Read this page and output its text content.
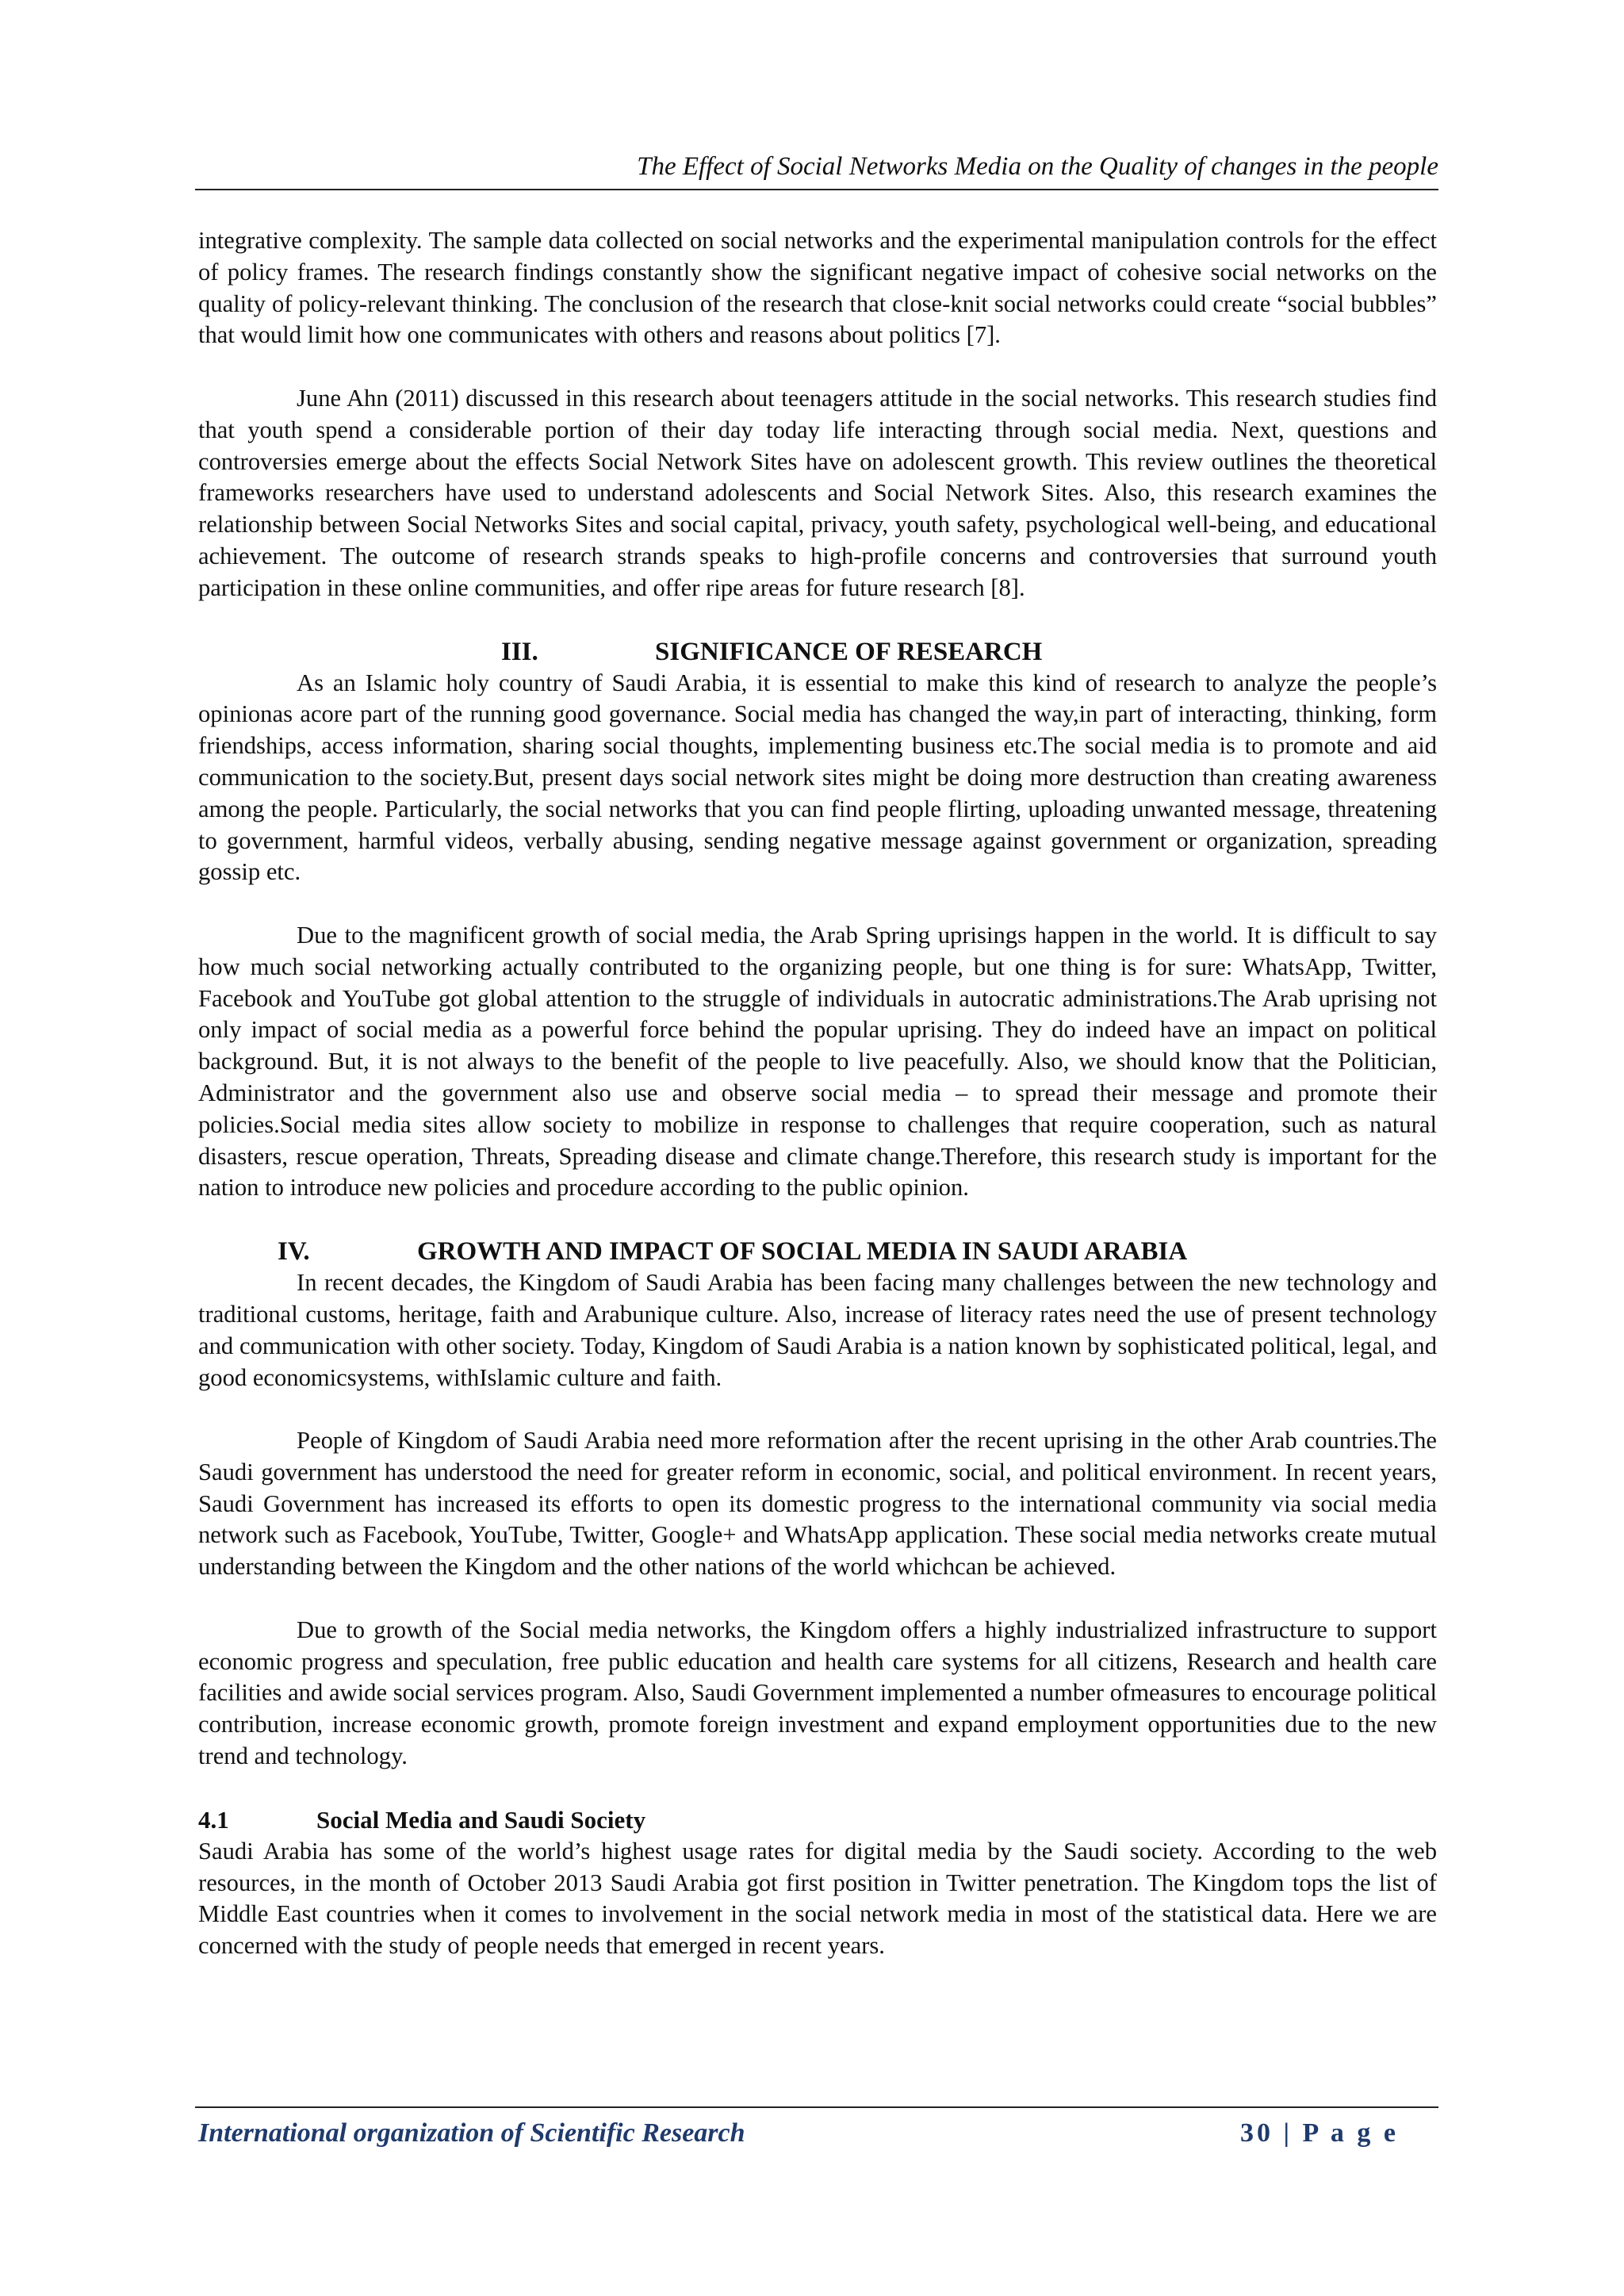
The Effect of Social Networks Media on the Quality of changes in the people

integrative complexity. The sample data collected on social networks and the experimental manipulation controls for the effect of policy frames. The research findings constantly show the significant negative impact of cohesive social networks on the quality of policy-relevant thinking. The conclusion of the research that close-knit social networks could create “social bubbles” that would limit how one communicates with others and reasons about politics [7].

June Ahn (2011) discussed in this research about teenagers attitude in the social networks. This research studies find that youth spend a considerable portion of their day today life interacting through social media. Next, questions and controversies emerge about the effects Social Network Sites have on adolescent growth. This review outlines the theoretical frameworks researchers have used to understand adolescents and Social Network Sites. Also, this research examines the relationship between Social Networks Sites and social capital, privacy, youth safety, psychological well-being, and educational achievement. The outcome of research strands speaks to high-profile concerns and controversies that surround youth participation in these online communities, and offer ripe areas for future research [8].

III.	SIGNIFICANCE OF RESEARCH

As an Islamic holy country of Saudi Arabia, it is essential to make this kind of research to analyze the people’s opinionas acore part of the running good governance. Social media has changed the way,in part of interacting, thinking, form friendships, access information, sharing social thoughts, implementing business etc.The social media is to promote and aid communication to the society.But, present days social network sites might be doing more destruction than creating awareness among the people. Particularly, the social networks that you can find people flirting, uploading unwanted message, threatening to government, harmful videos, verbally abusing, sending negative message against government or organization, spreading gossip etc.

Due to the magnificent growth of social media, the Arab Spring uprisings happen in the world. It is difficult to say how much social networking actually contributed to the organizing people, but one thing is for sure: WhatsApp, Twitter, Facebook and YouTube got global attention to the struggle of individuals in autocratic administrations.The Arab uprising not only impact of social media as a powerful force behind the popular uprising. They do indeed have an impact on political background. But, it is not always to the benefit of the people to live peacefully. Also, we should know that the Politician, Administrator and the government also use and observe social media – to spread their message and promote their policies.Social media sites allow society to mobilize in response to challenges that require cooperation, such as natural disasters, rescue operation, Threats, Spreading disease and climate change.Therefore, this research study is important for the nation to introduce new policies and procedure according to the public opinion.

IV.	GROWTH AND IMPACT OF SOCIAL MEDIA IN SAUDI ARABIA

In recent decades, the Kingdom of Saudi Arabia has been facing many challenges between the new technology and traditional customs, heritage, faith and Arabunique culture. Also, increase of literacy rates need the use of present technology and communication with other society. Today, Kingdom of Saudi Arabia is a nation known by sophisticated political, legal, and good economicsystems, withIslamic culture and faith.

People of Kingdom of Saudi Arabia need more reformation after the recent uprising in the other Arab countries.The Saudi government has understood the need for greater reform in economic, social, and political environment. In recent years, Saudi Government has increased its efforts to open its domestic progress to the international community via social media network such as Facebook, YouTube, Twitter, Google+ and WhatsApp application. These social media networks create mutual understanding between the Kingdom and the other nations of the world whichcan be achieved.

Due to growth of the Social media networks, the Kingdom offers a highly industrialized infrastructure to support economic progress and speculation, free public education and health care systems for all citizens, Research and health care facilities and awide social services program. Also, Saudi Government implemented a number ofmeasures to encourage political contribution, increase economic growth, promote foreign investment and expand employment opportunities due to the new trend and technology.

4.1	Social Media and Saudi Society

Saudi Arabia has some of the world’s highest usage rates for digital media by the Saudi society. According to the web resources, in the month of October 2013 Saudi Arabia got first position in Twitter penetration. The Kingdom tops the list of Middle East countries when it comes to involvement in the social network media in most of the statistical data. Here we are concerned with the study of people needs that emerged in recent years.

International organization of Scientific Research	30 | P a g e
